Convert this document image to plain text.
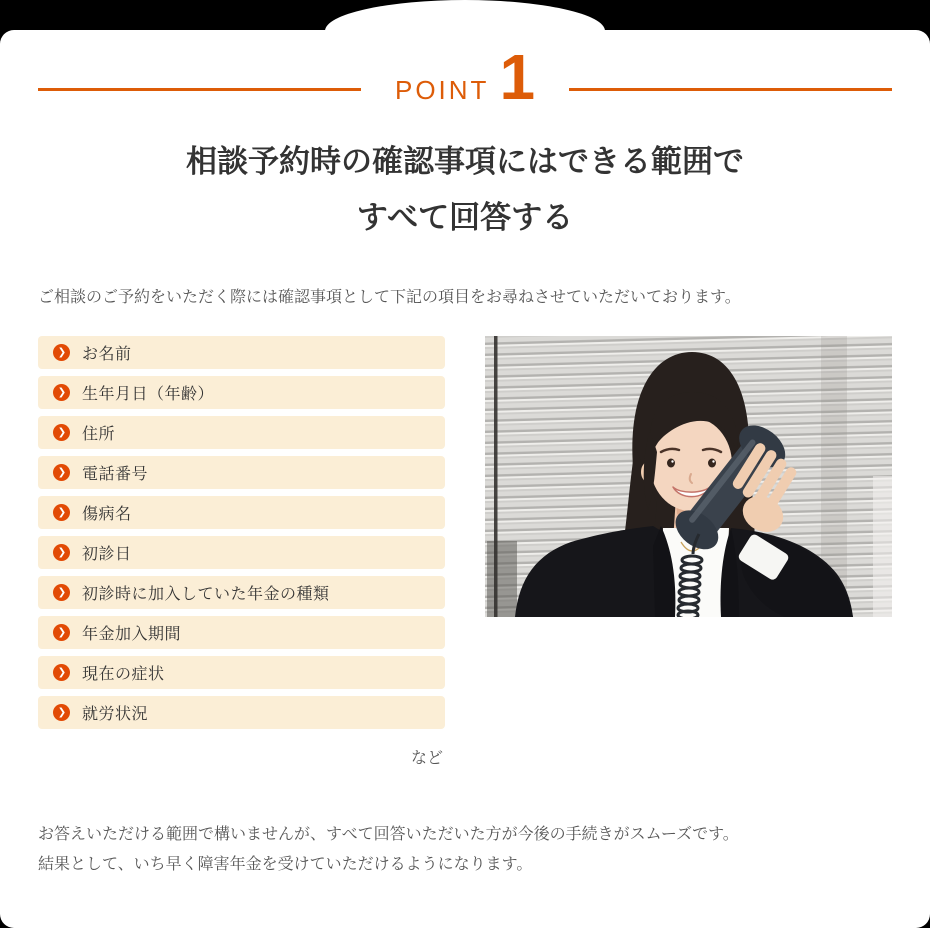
POINT 1
相談予約時の確認事項にはできる範囲で
すべて回答する

ご相談のご予約をいただく際には確認事項として下記の項目をお尋ねさせていただいております。

❯ お名前
❯ 生年月日（年齢）
❯ 住所
❯ 電話番号
❯ 傷病名
❯ 初診日
❯ 初診時に加入していた年金の種類
❯ 年金加入期間
❯ 現在の症状
❯ 就労状況
など

お答えいただける範囲で構いませんが、すべて回答いただいた方が今後の手続きがスムーズです。
結果として、いち早く障害年金を受けていただけるようになります。
